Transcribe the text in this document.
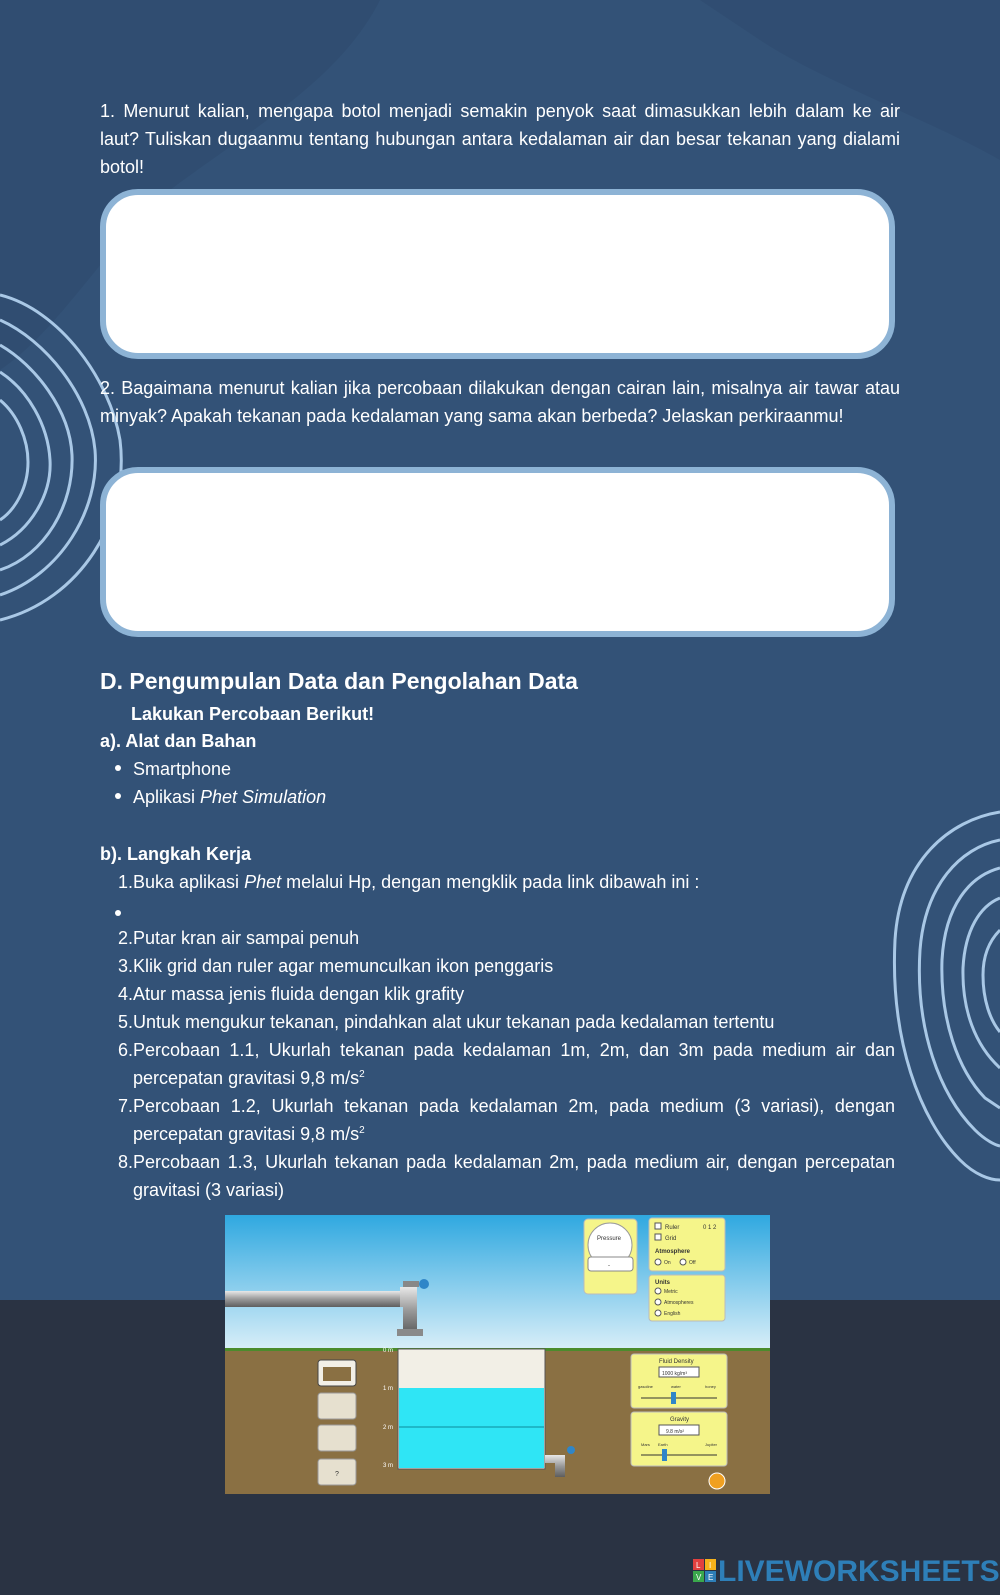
1. Menurut kalian, mengapa botol menjadi semakin penyok saat dimasukkan lebih dalam ke air laut? Tuliskan dugaanmu tentang hubungan antara kedalaman air dan besar tekanan yang dialami botol!
2. Bagaimana menurut kalian jika percobaan dilakukan dengan cairan lain, misalnya air tawar atau minyak? Apakah tekanan pada kedalaman yang sama akan berbeda? Jelaskan perkiraanmu!
D. Pengumpulan Data dan Pengolahan Data
Lakukan Percobaan Berikut!
a). Alat dan Bahan
Smartphone
Aplikasi Phet Simulation
b). Langkah Kerja
1. Buka aplikasi Phet melalui Hp, dengan mengklik pada link dibawah ini :
2. Putar kran air sampai penuh
3. Klik grid dan ruler agar memunculkan ikon penggaris
4. Atur massa jenis fluida dengan klik grafity
5. Untuk mengukur tekanan, pindahkan alat ukur tekanan pada kedalaman tertentu
6. Percobaan 1.1, Ukurlah tekanan pada kedalaman 1m, 2m, dan 3m pada medium air dan percepatan gravitasi 9,8 $m/s^2$
7. Percobaan 1.2, Ukurlah tekanan pada kedalaman 2m, pada medium (3 variasi), dengan percepatan gravitasi 9,8 $m/s^2$
8. Percobaan 1.3, Ukurlah tekanan pada kedalaman 2m, pada medium air, dengan percepatan gravitasi (3 variasi)
0 m
1 m
2 m
3 m
?
Pressure
-
Ruler	0 1 2
Grid
Atmosphere
On	Off
Units
Metric
Atmospheres
English
Fluid Density
1000 kg/m³
gasoline	water	honey
Gravity
9.8 m/s²
Mars Earth	Jupiter
L I
V E LIVEWORKSHEETS
